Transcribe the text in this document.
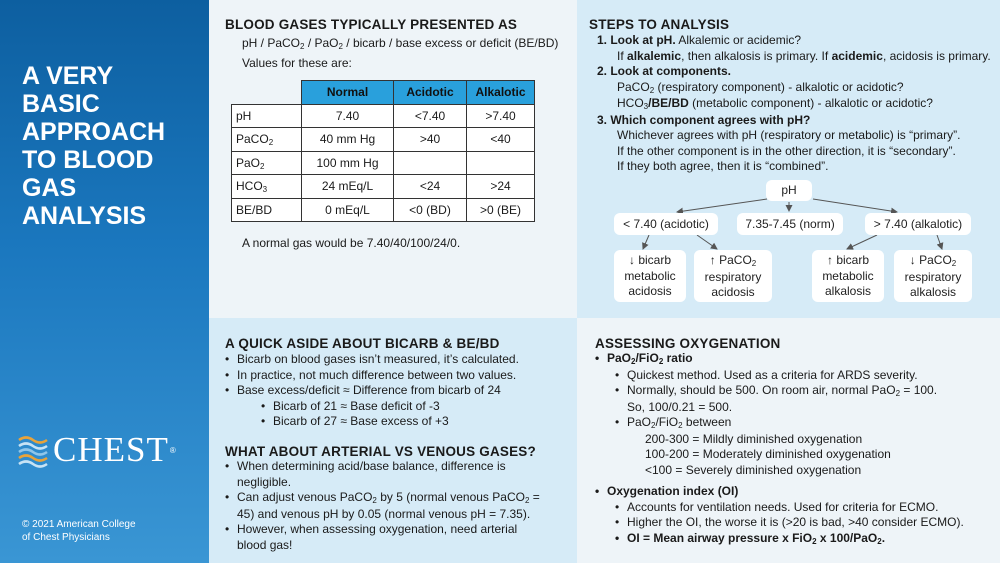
A VERY
BASIC
APPROACH
TO BLOOD
GAS
ANALYSIS
CHEST ®
© 2021 American College
of Chest Physicians
BLOOD GASES TYPICALLY PRESENTED AS
pH / PaCO$_2$ / PaO$_2$ / bicarb / base excess or deficit (BE/BD)
Values for these are:
	Normal	Acidotic	Alkalotic
pH	7.40	<7.40	>7.40
PaCO$_2$	40 mm Hg	>40	<40
PaO$_2$	100 mm Hg		
$HCO_3$	24 mEq/L	<24	>24
BE/BD	0 mEq/L	<0 (BD)	>0 (BE)
A normal gas would be 7.40/40/100/24/0.
STEPS TO ANALYSIS
1. Look at pH. Alkalemic or acidemic?
If alkalemic, then alkalosis is primary. If acidemic, acidosis is primary.
2. Look at components.
PaCO$_2$ (respiratory component) - alkalotic or acidotic?
$HCO_3/BE/BD$ (metabolic component) - alkalotic or acidotic?
3. Which component agrees with pH?
Whichever agrees with pH (respiratory or metabolic) is “primary”.
If the other component is in the other direction, it is “secondary”.
If they both agree, then it is “combined”.
pH
< 7.40 (acidotic)	7.35-7.45 (norm)	> 7.40 (alkalotic)
↓ bicarb
metabolic
acidosis
↑ PaCO$_2$
respiratory
acidosis
↑ bicarb
metabolic
alkalosis
↓ PaCO$_2$
respiratory
alkalosis
A QUICK ASIDE ABOUT BICARB & BE/BD
• Bicarb on blood gases isn’t measured, it’s calculated.
• In practice, not much difference between two values.
• Base excess/deficit ≈ Difference from bicarb of 24
• Bicarb of 21 ≈ Base deficit of -3
• Bicarb of 27 ≈ Base excess of +3
WHAT ABOUT ARTERIAL VS VENOUS GASES?
• When determining acid/base balance, difference is
negligible.
• Can adjust venous PaCO$_2$ by 5 (normal venous PaCO$_2$ =
45) and venous pH by 0.05 (normal venous pH = 7.35).
• However, when assessing oxygenation, need arterial
blood gas!
ASSESSING OXYGENATION
• PaO$_2$/FiO$_2$ ratio
• Quickest method. Used as a criteria for ARDS severity.
• Normally, should be 500. On room air, normal PaO$_2$ = 100.
So, 100/0.21 = 500.
• PaO$_2$/FiO$_2$ between
200-300 = Mildly diminished oxygenation
100-200 = Moderately diminished oxygenation
<100 = Severely diminished oxygenation
• Oxygenation index (OI)
• Accounts for ventilation needs. Used for criteria for ECMO.
• Higher the OI, the worse it is (>20 is bad, >40 consider ECMO).
• OI = Mean airway pressure x FiO$_2$ x 100/PaO$_2$.
